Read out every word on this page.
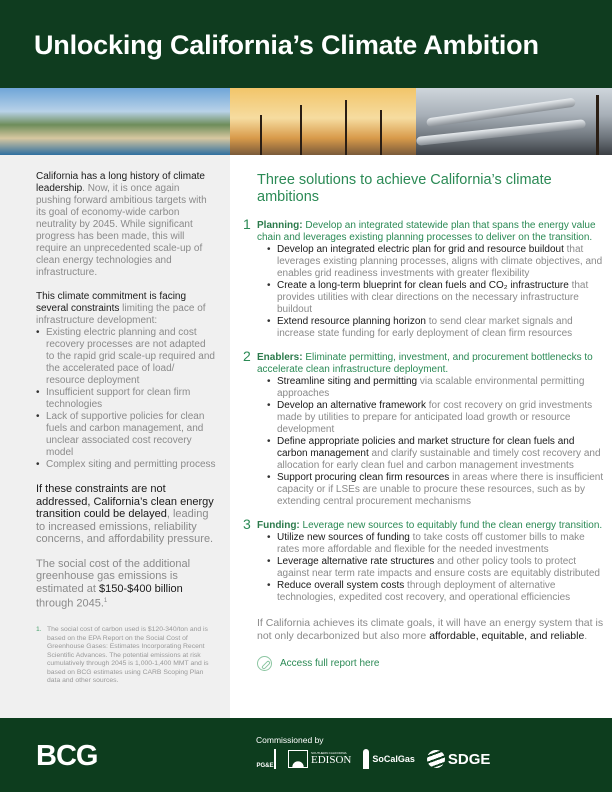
Unlocking California’s Climate Ambition
California has a long history of climate leadership. Now, it is once again pushing forward ambitious targets with its goal of economy-wide carbon neutrality by 2045. While significant progress has been made, this will require an unprecedented scale-up of clean energy technologies and infrastructure.
This climate commitment is facing several constraints limiting the pace of infrastructure development:
• Existing electric planning and cost recovery processes are not adapted to the rapid grid scale-up required and the accelerated pace of load/ resource deployment
• Insufficient support for clean firm technologies
• Lack of supportive policies for clean fuels and carbon management, and unclear associated cost recovery model
• Complex siting and permitting process
If these constraints are not addressed, California’s clean energy transition could be delayed, leading to increased emissions, reliability concerns, and affordability pressure.
The social cost of the additional greenhouse gas emissions is estimated at $150-$400 billion through 2045.$^1$
1. The social cost of carbon used is $120-340/ton and is based on the EPA Report on the Social Cost of Greenhouse Gases: Estimates Incorporating Recent Scientific Advances. The potential emissions at risk cumulatively through 2045 is 1,000-1,400 MMT and is based on BCG estimates using CARB Scoping Plan data and other sources.
Three solutions to achieve California’s climate ambitions
1 Planning: Develop an integrated statewide plan that spans the energy value chain and leverages existing planning processes to deliver on the transition.
• Develop an integrated electric plan for grid and resource buildout that leverages existing planning processes, aligns with climate objectives, and enables grid readiness investments with greater flexibility
• Create a long-term blueprint for clean fuels and CO₂ infrastructure that provides utilities with clear directions on the necessary infrastructure buildout
• Extend resource planning horizon to send clear market signals and increase state funding for early deployment of clean firm resources
2 Enablers: Eliminate permitting, investment, and procurement bottlenecks to accelerate clean infrastructure deployment.
• Streamline siting and permitting via scalable environmental permitting approaches
• Develop an alternative framework for cost recovery on grid investments made by utilities to prepare for anticipated load growth or resource development
• Define appropriate policies and market structure for clean fuels and carbon management and clarify sustainable and timely cost recovery and allocation for early clean fuel and carbon management investments
• Support procuring clean firm resources in areas where there is insufficient capacity or if LSEs are unable to procure these resources, such as by extending central procurement mechanisms
3 Funding: Leverage new sources to equitably fund the clean energy transition.
• Utilize new sources of funding to take costs off customer bills to make rates more affordable and flexible for the needed investments
• Leverage alternative rate structures and other policy tools to protect against near term rate impacts and ensure costs are equitably distributed
• Reduce overall system costs through deployment of alternative technologies, expedited cost recovery, and operational efficiencies
If California achieves its climate goals, it will have an energy system that is not only decarbonized but also more affordable, equitable, and reliable.
Access full report here
BCG	Commissioned by
PG&E
SOUTHERN CALIFORNIA
EDISON SoCalGas SDGE
